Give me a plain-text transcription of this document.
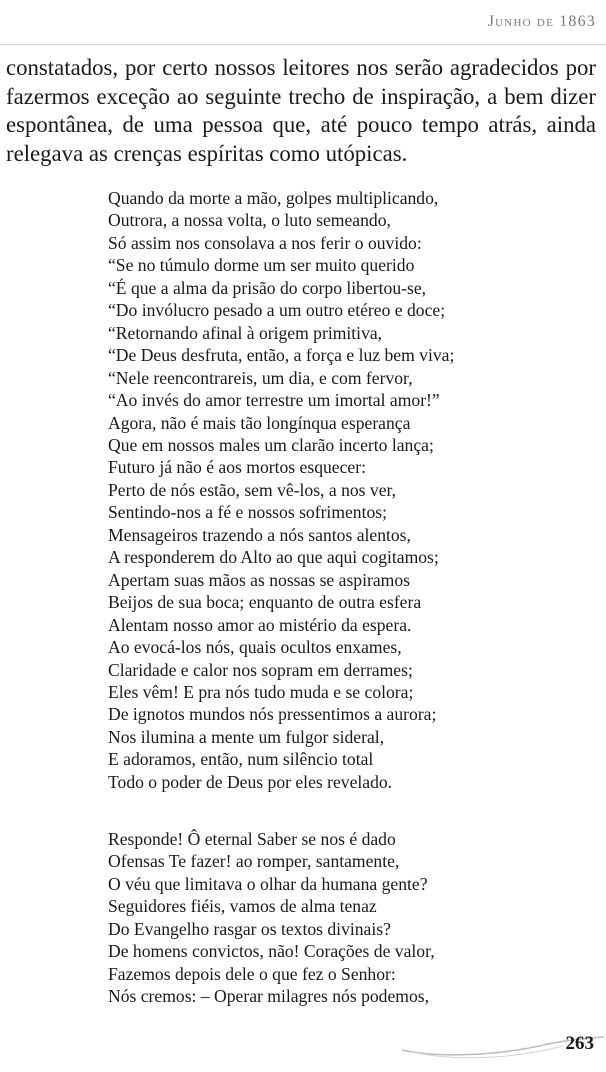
Junho de 1863

constatados, por certo nossos leitores nos serão agradecidos por fazermos exceção ao seguinte trecho de inspiração, a bem dizer espontânea, de uma pessoa que, até pouco tempo atrás, ainda relegava as crenças espíritas como utópicas.

Quando da morte a mão, golpes multiplicando,
Outrora, a nossa volta, o luto semeando,
Só assim nos consolava a nos ferir o ouvido:
“Se no túmulo dorme um ser muito querido
“É que a alma da prisão do corpo libertou-se,
“Do invólucro pesado a um outro etéreo e doce;
“Retornando afinal à origem primitiva,
“De Deus desfruta, então, a força e luz bem viva;
“Nele reencontrareis, um dia, e com fervor,
“Ao invés do amor terrestre um imortal amor!”
Agora, não é mais tão longínqua esperança
Que em nossos males um clarão incerto lança;
Futuro já não é aos mortos esquecer:
Perto de nós estão, sem vê-los, a nos ver,
Sentindo-nos a fé e nossos sofrimentos;
Mensageiros trazendo a nós santos alentos,
A responderem do Alto ao que aqui cogitamos;
Apertam suas mãos as nossas se aspiramos
Beijos de sua boca; enquanto de outra esfera
Alentam nosso amor ao mistério da espera.
Ao evocá-los nós, quais ocultos enxames,
Claridade e calor nos sopram em derrames;
Eles vêm! E pra nós tudo muda e se colora;
De ignotos mundos nós pressentimos a aurora;
Nos ilumina a mente um fulgor sideral,
E adoramos, então, num silêncio total
Todo o poder de Deus por eles revelado.
Responde! Ô eternal Saber se nos é dado
Ofensas Te fazer! ao romper, santamente,
O véu que limitava o olhar da humana gente?
Seguidores fiéis, vamos de alma tenaz
Do Evangelho rasgar os textos divinais?
De homens convictos, não! Corações de valor,
Fazemos depois dele o que fez o Senhor:
Nós cremos: – Operar milagres nós podemos,
263
